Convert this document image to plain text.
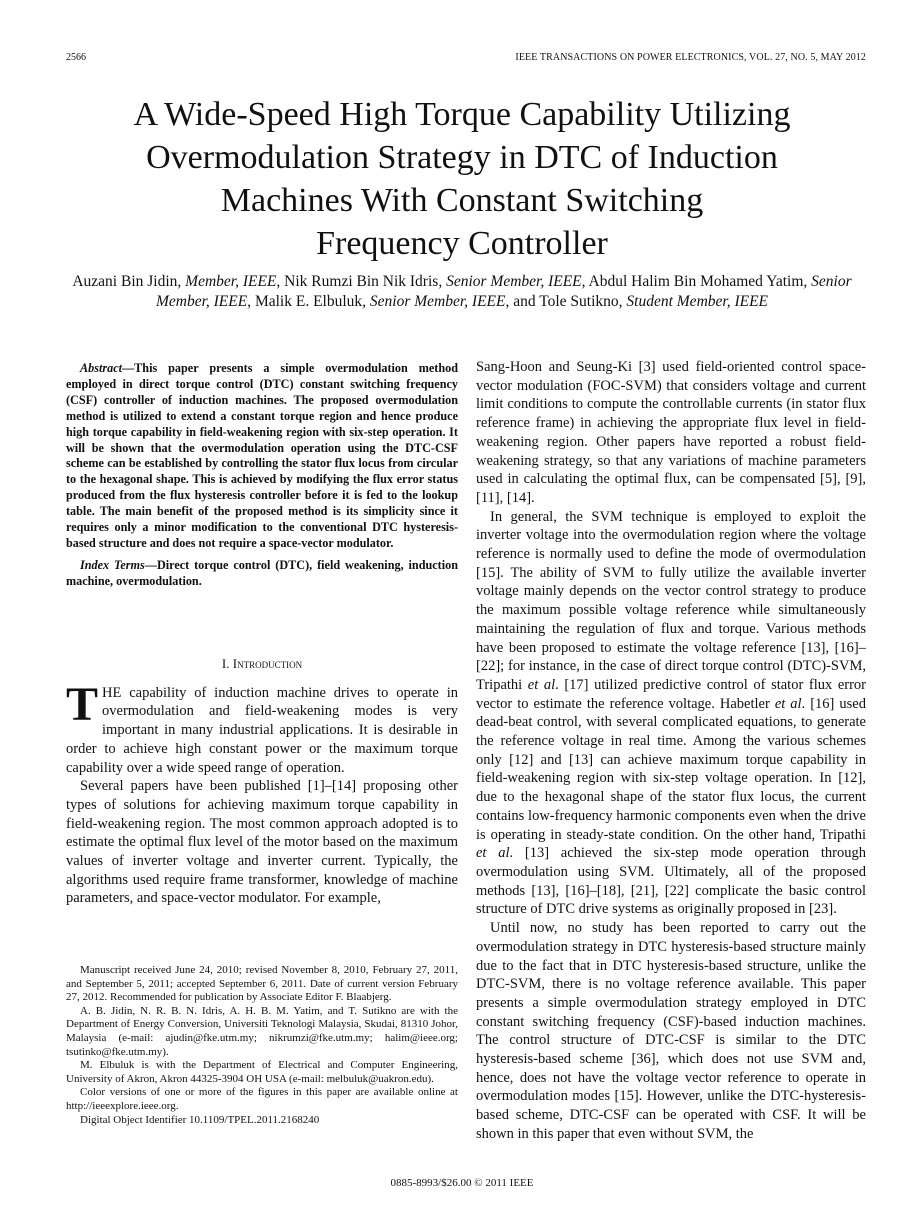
2566	IEEE TRANSACTIONS ON POWER ELECTRONICS, VOL. 27, NO. 5, MAY 2012
A Wide-Speed High Torque Capability Utilizing
Overmodulation Strategy in DTC of Induction
Machines With Constant Switching
Frequency Controller
Auzani Bin Jidin, Member, IEEE, Nik Rumzi Bin Nik Idris, Senior Member, IEEE, Abdul Halim Bin Mohamed Yatim, Senior Member, IEEE, Malik E. Elbuluk, Senior Member, IEEE, and Tole Sutikno, Student Member, IEEE

Abstract—This paper presents a simple overmodulation method employed in direct torque control (DTC) constant switching frequency (CSF) controller of induction machines. The proposed overmodulation method is utilized to extend a constant torque region and hence produce high torque capability in field-weakening region with six-step operation. It will be shown that the overmodulation operation using the DTC-CSF scheme can be established by controlling the stator flux locus from circular to the hexagonal shape. This is achieved by modifying the flux error status produced from the flux hysteresis controller before it is fed to the lookup table. The main benefit of the proposed method is its simplicity since it requires only a minor modification to the conventional DTC hysteresis-based structure and does not require a space-vector modulator.

Index Terms—Direct torque control (DTC), field weakening, induction machine, overmodulation.

I. Introduction

THE capability of induction machine drives to operate in overmodulation and field-weakening modes is very important in many industrial applications. It is desirable in order to achieve high constant power or the maximum torque capability over a wide speed range of operation.

Several papers have been published [1]–[14] proposing other types of solutions for achieving maximum torque capability in field-weakening region. The most common approach adopted is to estimate the optimal flux level of the motor based on the maximum values of inverter voltage and inverter current. Typically, the algorithms used require frame transformer, knowledge of machine parameters, and space-vector modulator. For example,

Manuscript received June 24, 2010; revised November 8, 2010, February 27, 2011, and September 5, 2011; accepted September 6, 2011. Date of current version February 27, 2012. Recommended for publication by Associate Editor F. Blaabjerg.

A. B. Jidin, N. R. B. N. Idris, A. H. B. M. Yatim, and T. Sutikno are with the Department of Energy Conversion, Universiti Teknologi Malaysia, Skudai, 81310 Johor, Malaysia (e-mail: ajudin@fke.utm.my; nikrumzi@fke.utm.my; halim@ieee.org; tsutinko@fke.utm.my).

M. Elbuluk is with the Department of Electrical and Computer Engineering, University of Akron, Akron 44325-3904 OH USA (e-mail: melbuluk@uakron.edu).

Color versions of one or more of the figures in this paper are available online at http://ieeexplore.ieee.org.

Digital Object Identifier 10.1109/TPEL.2011.2168240

Sang-Hoon and Seung-Ki [3] used field-oriented control space-vector modulation (FOC-SVM) that considers voltage and current limit conditions to compute the controllable currents (in stator flux reference frame) in achieving the appropriate flux level in field-weakening region. Other papers have reported a robust field-weakening strategy, so that any variations of machine parameters used in calculating the optimal flux, can be compensated [5], [9], [11], [14].

In general, the SVM technique is employed to exploit the inverter voltage into the overmodulation region where the voltage reference is normally used to define the mode of overmodulation [15]. The ability of SVM to fully utilize the available inverter voltage mainly depends on the vector control strategy to produce the maximum possible voltage reference while simultaneously maintaining the regulation of flux and torque. Various methods have been proposed to estimate the voltage reference [13], [16]–[22]; for instance, in the case of direct torque control (DTC)-SVM, Tripathi et al. [17] utilized predictive control of stator flux error vector to estimate the reference voltage. Habetler et al. [16] used dead-beat control, with several complicated equations, to generate the reference voltage in real time. Among the various schemes only [12] and [13] can achieve maximum torque capability in field-weakening region with six-step voltage operation. In [12], due to the hexagonal shape of the stator flux locus, the current contains low-frequency harmonic components even when the drive is operating in steady-state condition. On the other hand, Tripathi et al. [13] achieved the six-step mode operation through overmodulation using SVM. Ultimately, all of the proposed methods [13], [16]–[18], [21], [22] complicate the basic control structure of DTC drive systems as originally proposed in [23].

Until now, no study has been reported to carry out the overmodulation strategy in DTC hysteresis-based structure mainly due to the fact that in DTC hysteresis-based structure, unlike the DTC-SVM, there is no voltage reference available. This paper presents a simple overmodulation strategy employed in DTC constant switching frequency (CSF)-based induction machines. The control structure of DTC-CSF is similar to the DTC hysteresis-based scheme [36], which does not use SVM and, hence, does not have the voltage vector reference to operate in overmodulation modes [15]. However, unlike the DTC-hysteresis-based scheme, DTC-CSF can be operated with CSF. It will be shown in this paper that even without SVM, the

0885-8993/$26.00 © 2011 IEEE
